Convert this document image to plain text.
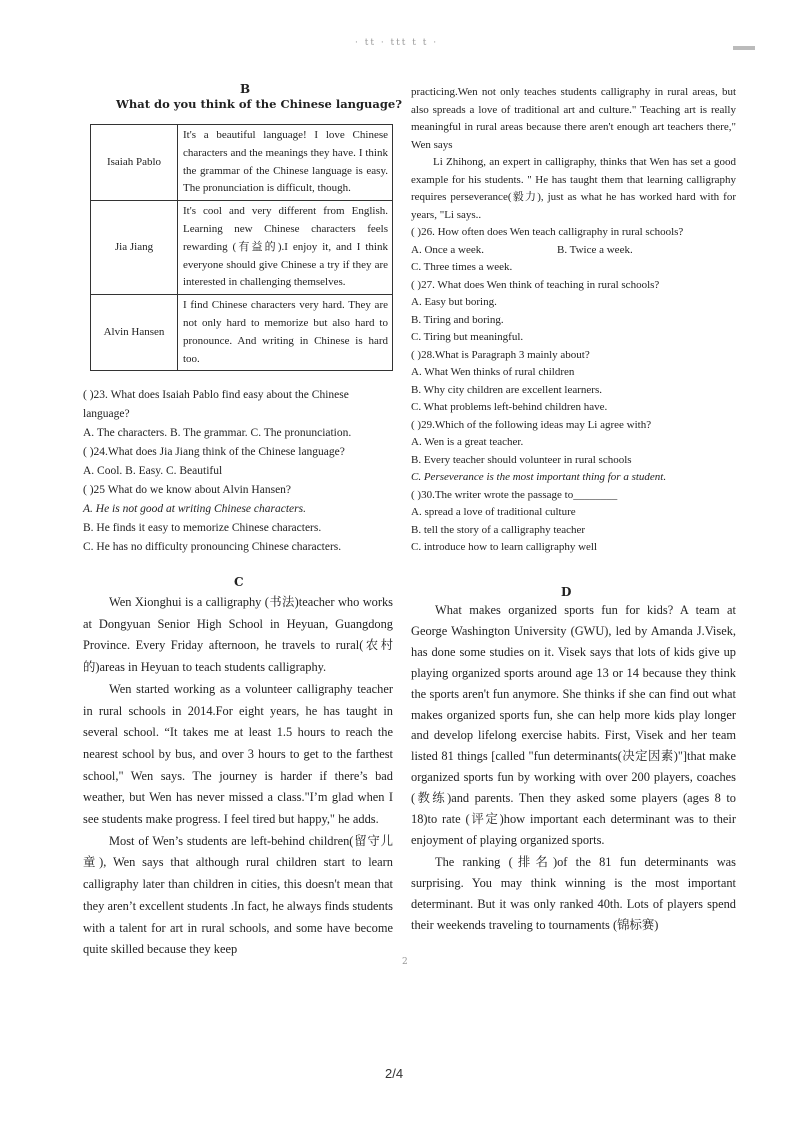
· tt · ttt t t ·
B
What do you think of the Chinese language?
Isaiah Pablo	It's a beautiful language! I love Chinese characters and the meanings they have. I think the grammar of the Chinese language is easy. The pronunciation is difficult, though.
Jia Jiang	It's cool and very different from English. Learning new Chinese characters feels rewarding (有益的).I enjoy it, and I think everyone should give Chinese a try if they are interested in challenging themselves.
Alvin Hansen	I find Chinese characters very hard. They are not only hard to memorize but also hard to pronounce. And writing in Chinese is hard too.

( )23. What does Isaiah Pablo find easy about the Chinese language?

A. The characters. B. The grammar. C. The pronunciation.

( )24.What does Jia Jiang think of the Chinese language?

A. Cool. B. Easy. C. Beautiful

( )25 What do we know about Alvin Hansen?

A. He is not good at writing Chinese characters.

B. He finds it easy to memorize Chinese characters.

C. He has no difficulty pronouncing Chinese characters.

C

Wen Xionghui is a calligraphy (书法)teacher who works at Dongyuan Senior High School in Heyuan, Guangdong Province. Every Friday afternoon, he travels to rural(农村的)areas in Heyuan to teach students calligraphy.

Wen started working as a volunteer calligraphy teacher in rural schools in 2014.For eight years, he has taught in several school. “It takes me at least 1.5 hours to reach the nearest school by bus, and over 3 hours to get to the farthest school," Wen says. The journey is harder if there’s bad weather, but Wen has never missed a class."I’m glad when I see students make progress. I feel tired but happy," he adds.

Most of Wen’s students are left-behind children(留守儿童), Wen says that although rural children start to learn calligraphy later than children in cities, this doesn't mean that they aren’t excellent students .In fact, he always finds students with a talent for art in rural schools, and some have become quite skilled because they keep

practicing.Wen not only teaches students calligraphy in rural areas, but also spreads a love of traditional art and culture." Teaching art is really meaningful in rural areas because there aren't enough art teachers there," Wen says

Li Zhihong, an expert in calligraphy, thinks that Wen has set a good example for his students. " He has taught them that learning calligraphy requires perseverance(毅力), just as what he has worked hard with for years, "Li says..

( )26. How often does Wen teach calligraphy in rural schools?

A. Once a week.	B. Twice a week.

C. Three times a week.

( )27. What does Wen think of teaching in rural schools?

A. Easy but boring.

B. Tiring and boring.

C. Tiring but meaningful.

( )28.What is Paragraph 3 mainly about?

A. What Wen thinks of rural children

B. Why city children are excellent learners.

C. What problems left-behind children have.

( )29.Which of the following ideas may Li agree with?

A. Wen is a great teacher.

B. Every teacher should volunteer in rural schools

C. Perseverance is the most important thing for a student.

( )30.The writer wrote the passage to________

A. spread a love of traditional culture

B. tell the story of a calligraphy teacher

C. introduce how to learn calligraphy well

D

What makes organized sports fun for kids? A team at George Washington University (GWU), led by Amanda J.Visek, has done some studies on it. Visek says that lots of kids give up playing organized sports around age 13 or 14 because they think the sports aren't fun anymore. She thinks if she can find out what makes organized sports fun, she can help more kids play longer and develop lifelong exercise habits. First, Visek and her team listed 81 things [called "fun determinants(决定因素)"]that make organized sports fun by working with over 200 players, coaches (教练)and parents. Then they asked some players (ages 8 to 18)to rate (评定)how important each determinant was to their enjoyment of playing organized sports.

The ranking (排名)of the 81 fun determinants was surprising. You may think winning is the most important determinant. But it was only ranked 40th. Lots of players spend their weekends traveling to tournaments (锦标赛)

2
2/4
